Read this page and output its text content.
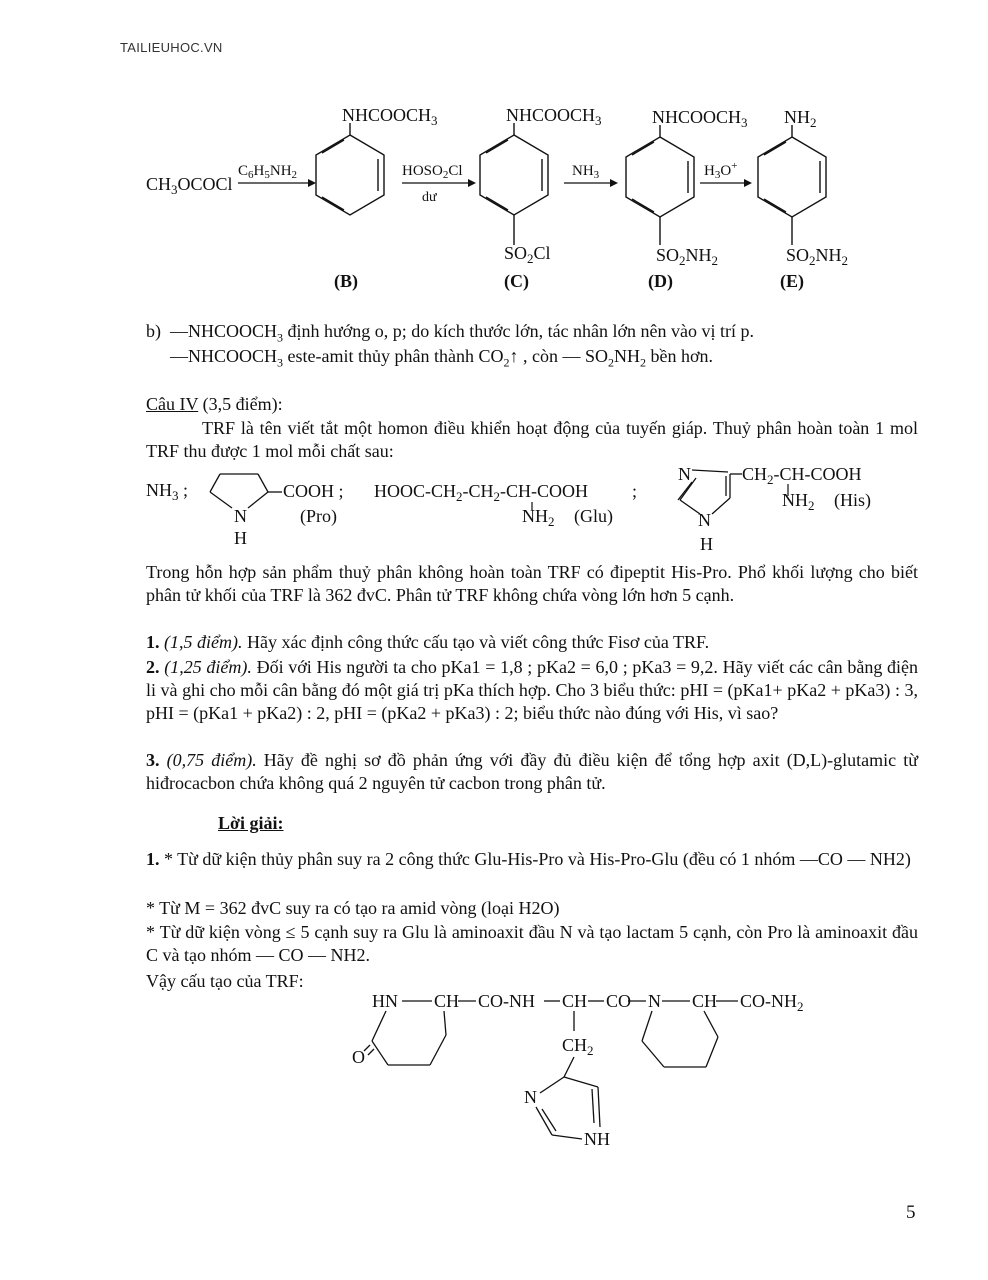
TAILIEUHOC.VN
$CH_3OCOCl$
$C_6H_5NH_2$
$NHCOOCH_3$
(B)
$HOSO_2Cl$
dư
$NHCOOCH_3$
$SO_2Cl$
(C)
$NH_3$
$NHCOOCH_3$
$SO_2NH_2$
(D)
$H_3O^+$
$NH_2$
$SO_2NH_2$
(E)
b)  $—NHCOOCH_3$ định hướng o, p; do kích thước lớn, tác nhân lớn nên vào vị trí p.
$—NHCOOCH_3$ este-amit thủy phân thành $CO_2↑$ , còn — $SO_2NH_2$ bền hơn.
Câu IV (3,5 điểm):
TRF là tên viết tắt một homon điều khiển hoạt động của tuyến giáp. Thuỷ phân hoàn toàn 1 mol TRF thu được 1 mol mỗi chất sau:
$NH_3$ ;
N
H
COOH ;
(Pro)
HOOC-$CH_2-CH_2-CH$-COOH ;
$NH_2$ (Glu)
N
N
H
$CH_2-CH$-COOH
$NH_2$ (His)
Trong hỗn hợp sản phẩm thuỷ phân không hoàn toàn TRF có đipeptit His-Pro. Phổ khối lượng cho biết phân tử khối của TRF là 362 đvC. Phân tử TRF không chứa vòng lớn hơn 5 cạnh.
1. (1,5 điểm). Hãy xác định công thức cấu tạo và viết công thức Fisơ của TRF.
2. (1,25 điểm). Đối với His người ta cho pKa1 = 1,8 ; pKa2 = 6,0 ; pKa3 = 9,2. Hãy viết các cân bằng điện li và ghi cho mỗi cân bằng đó một giá trị pKa thích hợp. Cho 3 biểu thức: pHI = (pKa1+ pKa2 + pKa3) : 3, pHI = (pKa1 + pKa2) : 2, pHI = (pKa2 + pKa3) : 2; biểu thức nào đúng với His, vì sao?
3. (0,75 điểm). Hãy đề nghị sơ đồ phản ứng với đầy đủ điều kiện để tổng hợp axit (D,L)-glutamic từ hiđrocacbon chứa không quá 2 nguyên tử cacbon trong phân tử.
Lời giải:
1. * Từ dữ kiện thủy phân suy ra 2 công thức Glu-His-Pro và His-Pro-Glu (đều có 1 nhóm —CO — NH2)
* Từ M = 362 đvC suy ra có tạo ra amid vòng (loại H2O)
* Từ dữ kiện vòng ≤ 5 cạnh suy ra Glu là aminoaxit đầu N và tạo lactam 5 cạnh, còn Pro là aminoaxit đầu C và tạo nhóm — CO — NH2.
Vậy cấu tạo của TRF:
HN CH CO-NH CH CO N CH $CO-NH_2$
O
$CH_2$
N
NH
5
